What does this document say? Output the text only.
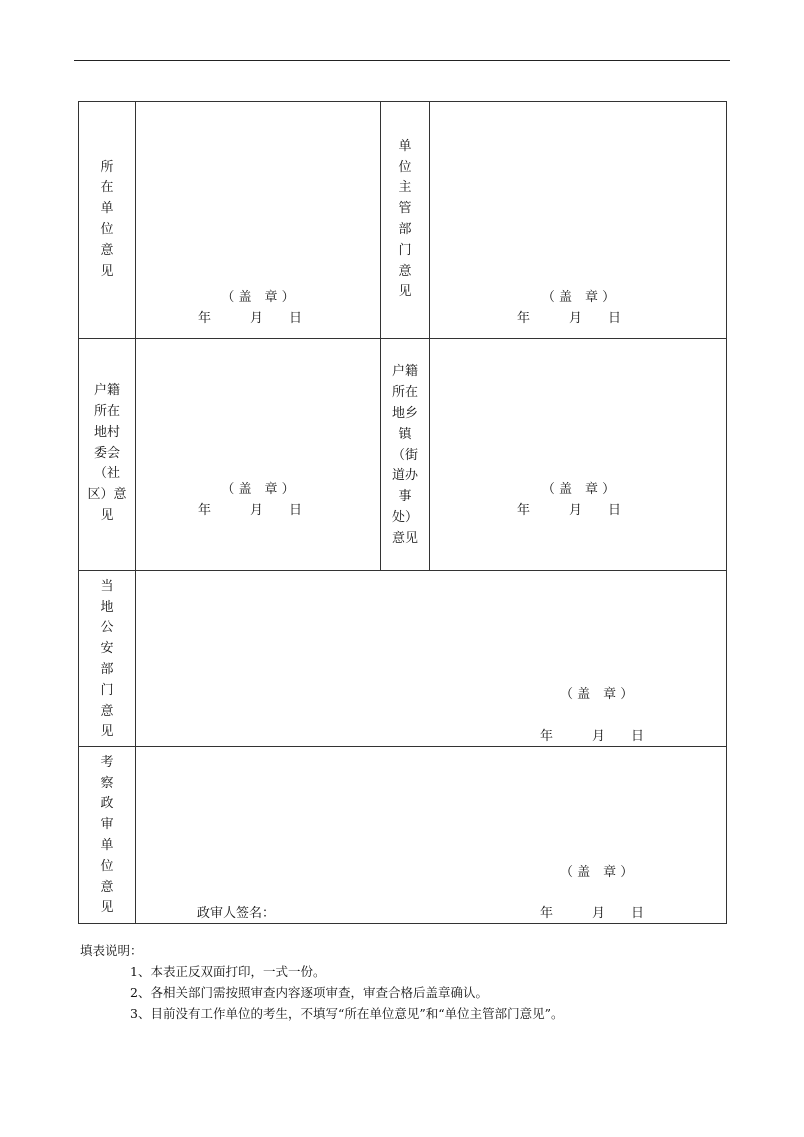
所
在
单
位
意
见
（ 盖　章 ）
年　　　月　　日
单
位
主
管
部
门
意
见	（ 盖　章 ）
年　　　月　　日
户籍
所在
地村
委会
（社
区）意
见
（ 盖　章 ）
年　　　月　　日
户籍
所在
地乡
镇
（街
道办
事
处）
意见
（ 盖　章 ）
年　　　月　　日
当
地
公
安
部
门
意
见
（ 盖　章 ）
年　　　月　　日
考
察
政
审
单
位
意
见
（ 盖　章 ）
政审人签名：	年　　　月　　日
填表说明：
1、本表正反双面打印，一式一份。
2、各相关部门需按照审查内容逐项审查，审查合格后盖章确认。
3、目前没有工作单位的考生，不填写“所在单位意见”和“单位主管部门意见”。
